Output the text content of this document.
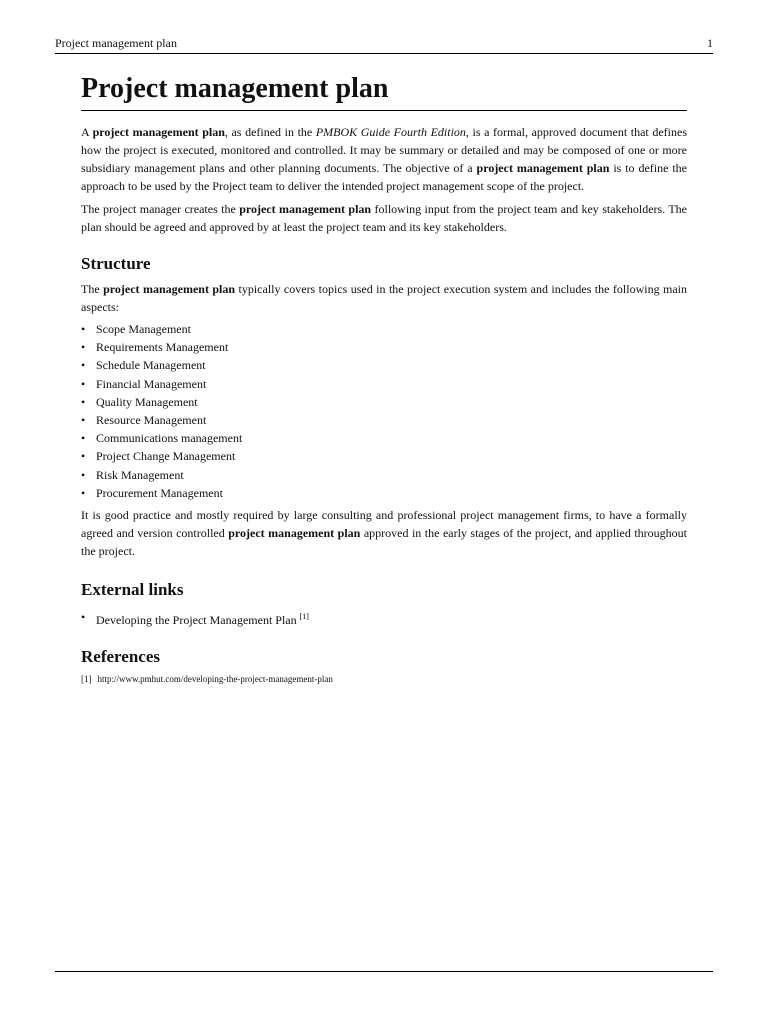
Project management plan	1
Project management plan

A project management plan, as defined in the PMBOK Guide Fourth Edition, is a formal, approved document that defines how the project is executed, monitored and controlled. It may be summary or detailed and may be composed of one or more subsidiary management plans and other planning documents. The objective of a project management plan is to define the approach to be used by the Project team to deliver the intended project management scope of the project.

The project manager creates the project management plan following input from the project team and key stakeholders. The plan should be agreed and approved by at least the project team and its key stakeholders.

Structure

The project management plan typically covers topics used in the project execution system and includes the following main aspects:

• Scope Management
• Requirements Management
• Schedule Management
• Financial Management
• Quality Management
• Resource Management
• Communications management
• Project Change Management
• Risk Management
• Procurement Management

It is good practice and mostly required by large consulting and professional project management firms, to have a formally agreed and version controlled project management plan approved in the early stages of the project, and applied throughout the project.

External links
• Developing the Project Management Plan [1]
References
[1] http://www.pmhut.com/developing-the-project-management-plan
